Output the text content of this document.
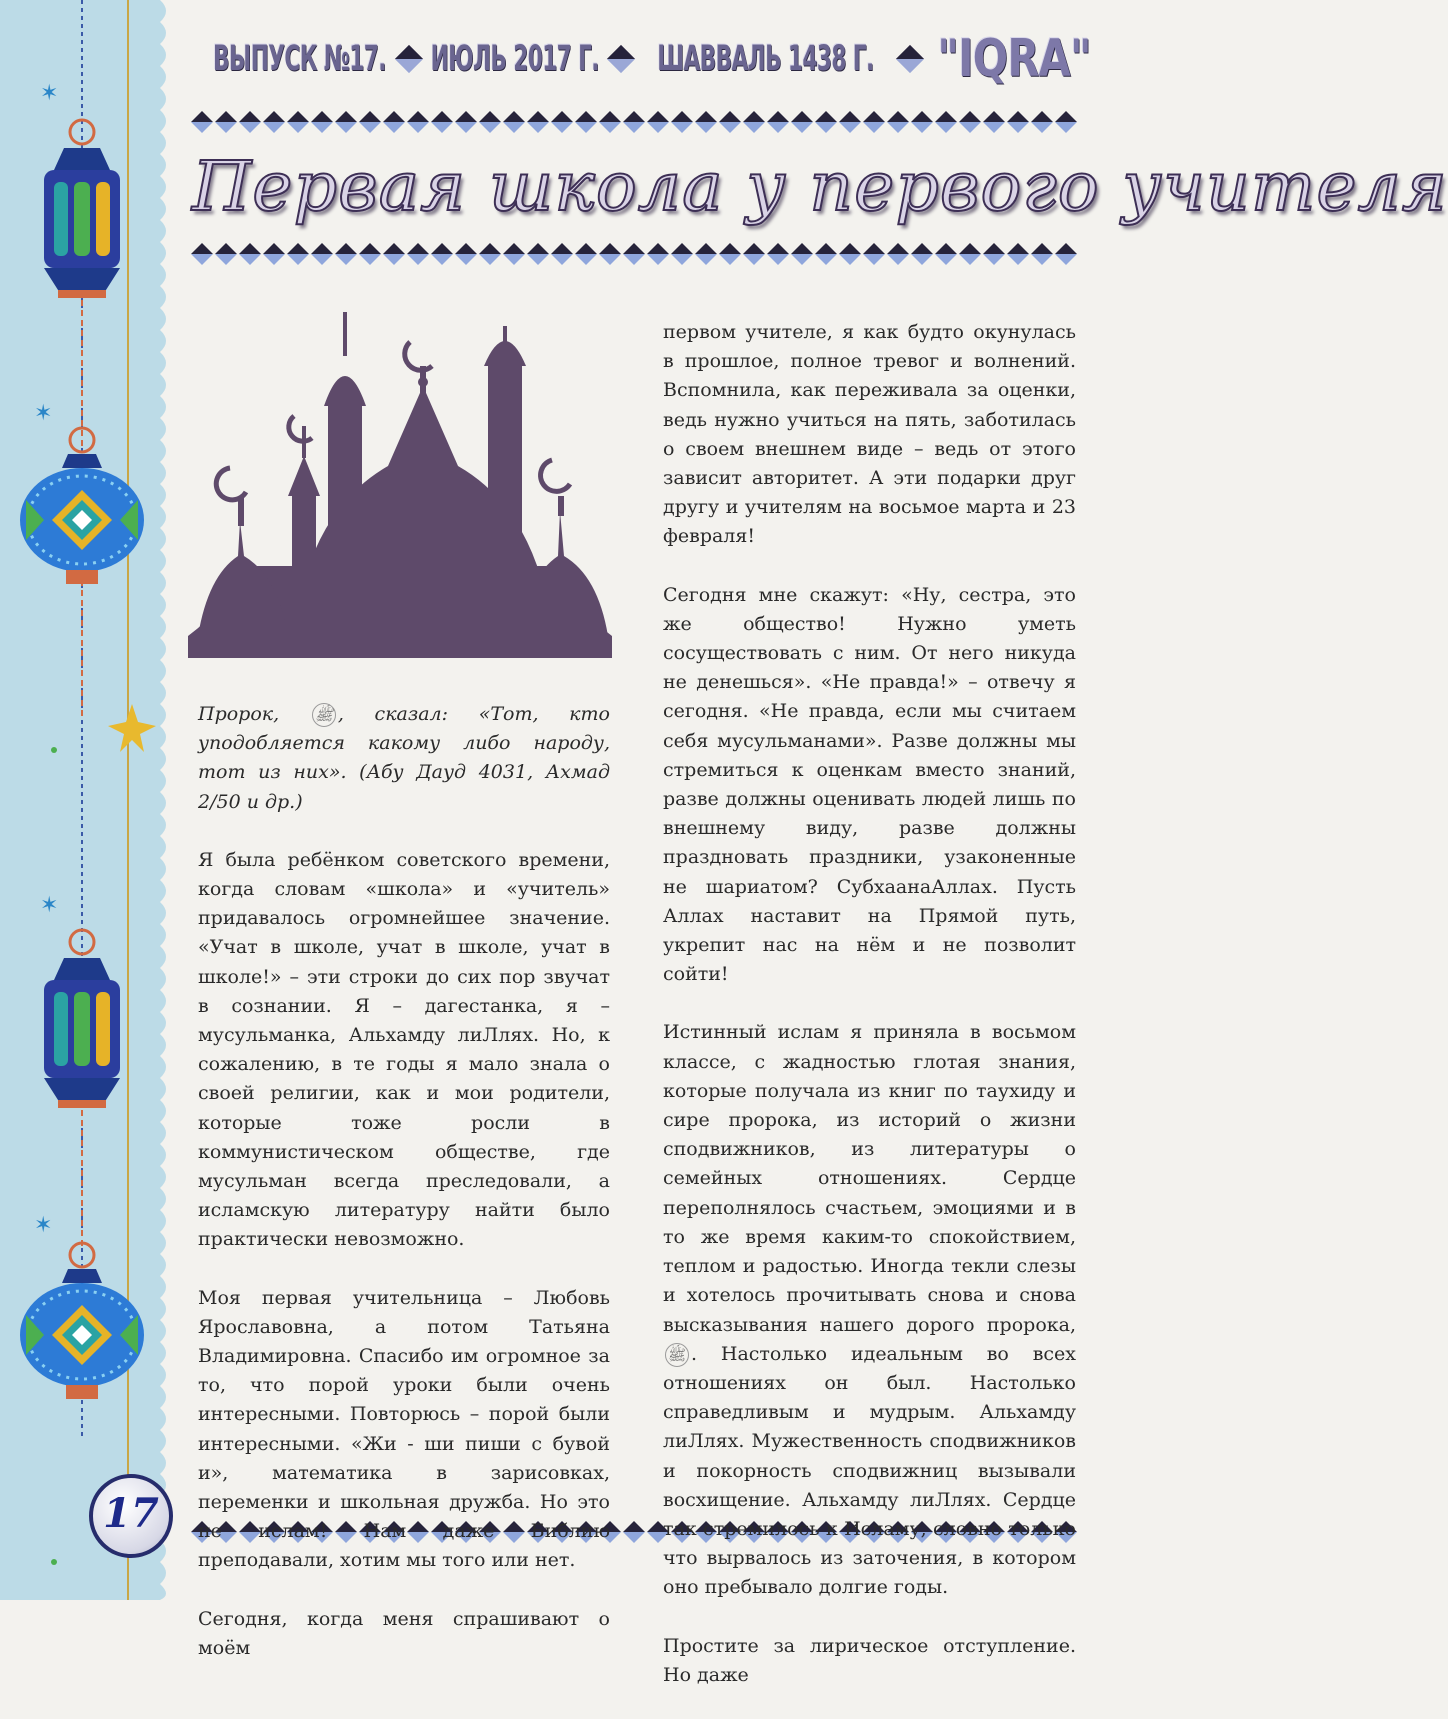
✶
✶
✶
✶
ВЫПУСК №17. ИЮЛЬ 2017 Г. ШАВВАЛЬ 1438 Г. "IQRA"
Первая школа у первого учителя

Пророк, ﷺ , сказал: «Тот, кто уподобляется какому либо народу, тот из них». (Абу Дауд 4031, Ахмад 2/50 и др.)

Я была ребёнком советского времени, когда словам «школа» и «учитель» придавалось огромнейшее значение. «Учат в школе, учат в школе, учат в школе!» – эти строки до сих пор звучат в сознании. Я – дагестанка, я – мусульманка, Альхамду лиЛлях. Но, к сожалению, в те годы я мало знала о своей религии, как и мои родители, которые тоже росли в коммунистическом обществе, где мусульман всегда преследовали, а исламскую литературу найти было практически невозможно.

Моя первая учительница – Любовь Ярославовна, а потом Татьяна Владимировна. Спасибо им огромное за то, что порой уроки были очень интересными. Повторюсь – порой были интересными. «Жи - ши пиши с бувой и», математика в зарисовках, переменки и школьная дружба. Но это не ислам! Нам даже Библию преподавали, хотим мы того или нет.

Сегодня, когда меня спрашивают о моём

первом учителе, я как будто окунулась в прошлое, полное тревог и волнений. Вспомнила, как переживала за оценки, ведь нужно учиться на пять, заботилась о своем внешнем виде – ведь от этого зависит авторитет. А эти подарки друг другу и учителям на восьмое марта и 23 февраля!

Сегодня мне скажут: «Ну, сестра, это же общество! Нужно уметь сосуществовать с ним. От него никуда не денешься». «Не правда!» – отвечу я сегодня. «Не правда, если мы считаем себя мусульманами». Разве должны мы стремиться к оценкам вместо знаний, разве должны оценивать людей лишь по внешнему виду, разве должны праздновать праздники, узаконенные не шариатом? СубхаанаАллах. Пусть Аллах наставит на Прямой путь, укрепит нас на нём и не позволит сойти!

Истинный ислам я приняла в восьмом классе, с жадностью глотая знания, которые получала из книг по таухиду и сире пророка, из историй о жизни сподвижников, из литературы о семейных отношениях. Сердце переполнялось счастьем, эмоциями и в то же время каким-то спокойствием, теплом и радостью. Иногда текли слезы и хотелось прочитывать снова и снова высказывания нашего дорого пророка, ﷺ . Настолько идеальным во всех отношениях он был. Настолько справедливым и мудрым. Альхамду лиЛлях. Мужественность сподвижников и покорность сподвижниц вызывали восхищение. Альхамду лиЛлях. Сердце так стремилось к Исламу, словно только что вырвалось из заточения, в котором оно пребывало долгие годы.

Простите за лирическое отступление. Но даже

17
